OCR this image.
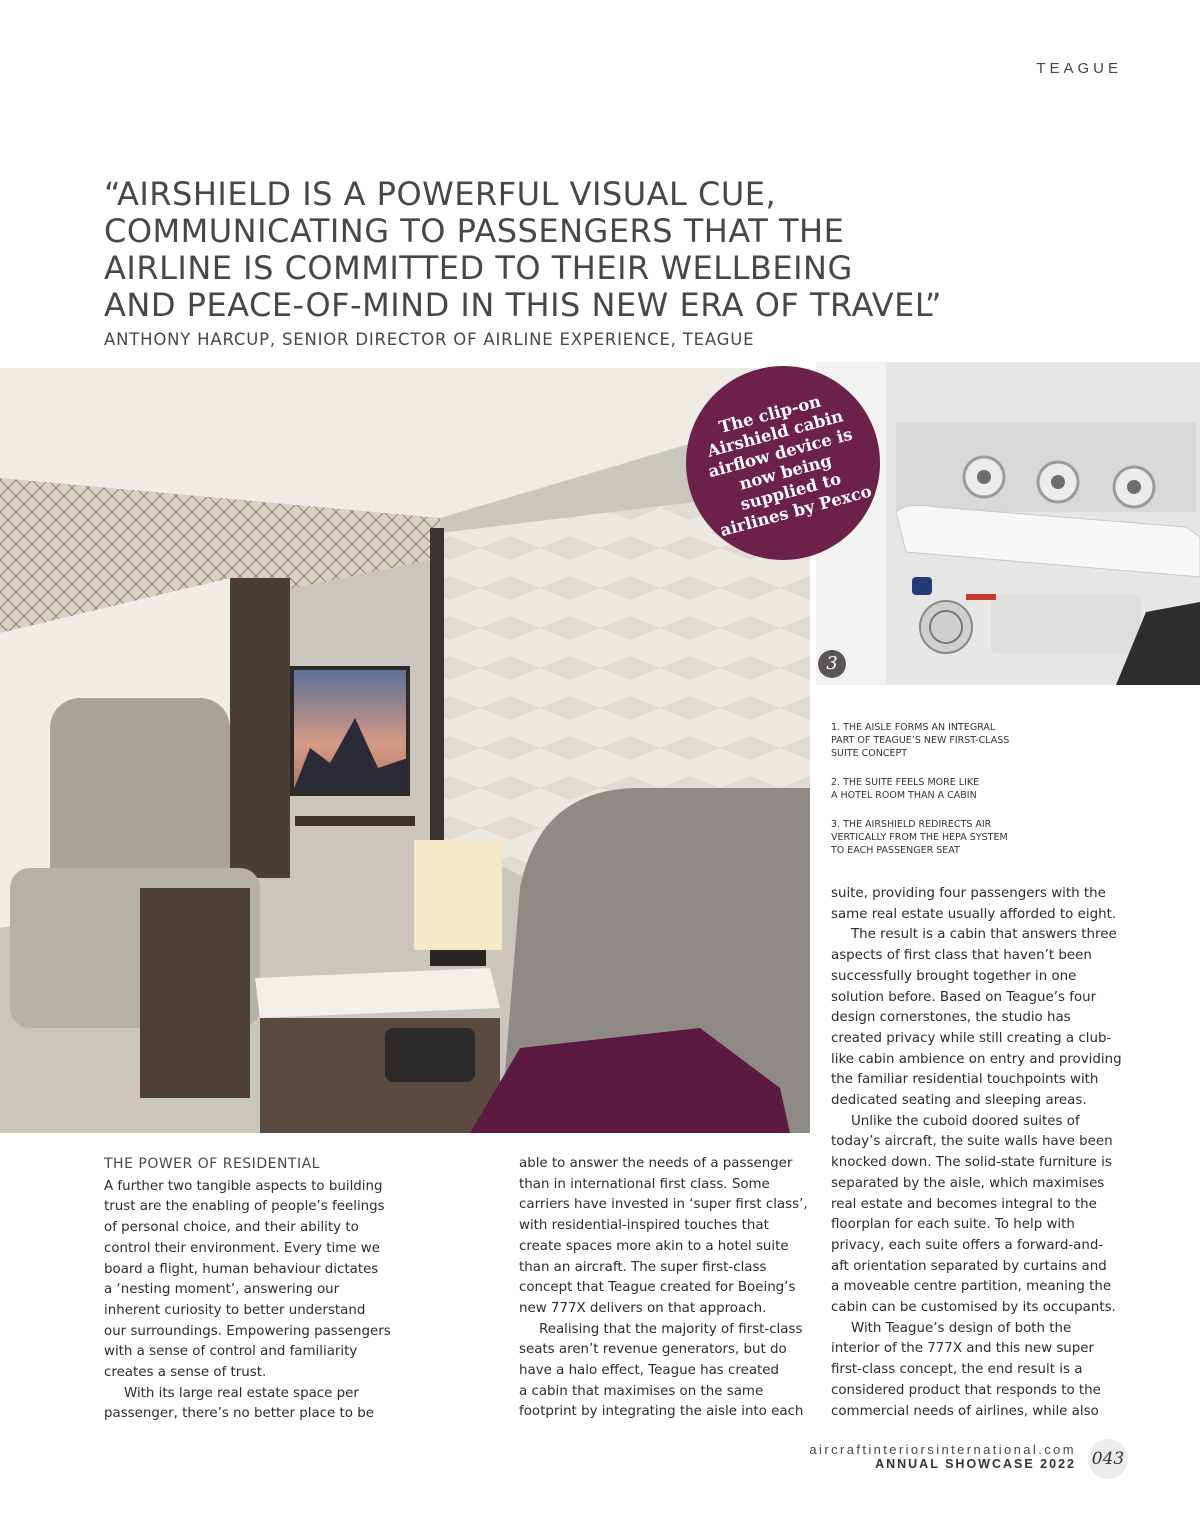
TEAGUE
“AIRSHIELD IS A POWERFUL VISUAL CUE,
COMMUNICATING TO PASSENGERS THAT THE
AIRLINE IS COMMITTED TO THEIR WELLBEING
AND PEACE-OF-MIND IN THIS NEW ERA OF TRAVEL”
ANTHONY HARCUP, SENIOR DIRECTOR OF AIRLINE EXPERIENCE, TEAGUE
3
The clip-on Airshield cabin airflow device is now being supplied to airlines by Pexco

1. THE AISLE FORMS AN INTEGRAL
PART OF TEAGUE’S NEW FIRST-CLASS
SUITE CONCEPT

2. THE SUITE FEELS MORE LIKE
A HOTEL ROOM THAN A CABIN

3. THE AIRSHIELD REDIRECTS AIR
VERTICALLY FROM THE HEPA SYSTEM
TO EACH PASSENGER SEAT

THE POWER OF RESIDENTIAL

A further two tangible aspects to building
trust are the enabling of people’s feelings
of personal choice, and their ability to
control their environment. Every time we
board a flight, human behaviour dictates
a ‘nesting moment’, answering our
inherent curiosity to better understand
our surroundings. Empowering passengers
with a sense of control and familiarity
creates a sense of trust.

With its large real estate space per
passenger, there’s no better place to be

able to answer the needs of a passenger
than in international first class. Some
carriers have invested in ‘super first class’,
with residential-inspired touches that
create spaces more akin to a hotel suite
than an aircraft. The super first-class
concept that Teague created for Boeing’s
new 777X delivers on that approach.

Realising that the majority of first-class
seats aren’t revenue generators, but do
have a halo effect, Teague has created
a cabin that maximises on the same
footprint by integrating the aisle into each

suite, providing four passengers with the
same real estate usually afforded to eight.

The result is a cabin that answers three
aspects of first class that haven’t been
successfully brought together in one
solution before. Based on Teague’s four
design cornerstones, the studio has
created privacy while still creating a club-
like cabin ambience on entry and providing
the familiar residential touchpoints with
dedicated seating and sleeping areas.

Unlike the cuboid doored suites of
today’s aircraft, the suite walls have been
knocked down. The solid-state furniture is
separated by the aisle, which maximises
real estate and becomes integral to the
floorplan for each suite. To help with
privacy, each suite offers a forward-and-
aft orientation separated by curtains and
a moveable centre partition, meaning the
cabin can be customised by its occupants.

With Teague’s design of both the
interior of the 777X and this new super
first-class concept, the end result is a
considered product that responds to the
commercial needs of airlines, while also

aircraftinteriorsinternational.com
ANNUAL SHOWCASE 2022 043
